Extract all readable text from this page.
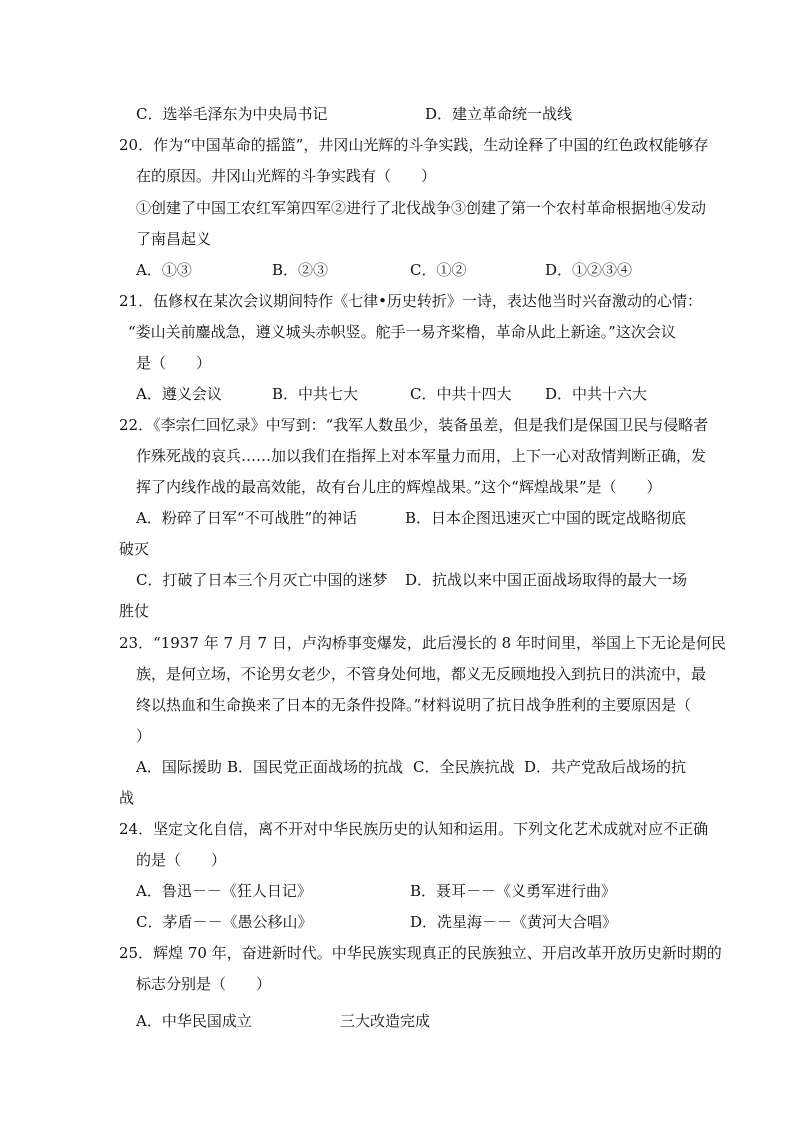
C．选举毛泽东为中央局书记	D．建立革命统一战线
20．作为“中国革命的摇篮”，井冈山光辉的斗争实践，生动诠释了中国的红色政权能够存
在的原因。井冈山光辉的斗争实践有（　　）
①创建了中国工农红军第四军②进行了北伐战争③创建了第一个农村革命根据地④发动
了南昌起义
A．①③	B．②③	C．①②	D．①②③④
21．伍修权在某次会议期间特作《七律•历史转折》一诗，表达他当时兴奋激动的心情：
“娄山关前鏖战急，遵义城头赤帜竖。舵手一易齐桨橹，革命从此上新途。”这次会议
是（　　）
A．遵义会议	B．中共七大	C．中共十四大 D．中共十六大
22．《李宗仁回忆录》中写到：“我军人数虽少，装备虽差，但是我们是保国卫民与侵略者
作殊死战的哀兵……加以我们在指挥上对本军量力而用，上下一心对敌情判断正确，发
挥了内线作战的最高效能，故有台儿庄的辉煌战果。”这个“辉煌战果”是（　　）
A．粉碎了日军“不可战胜”的神话	B．日本企图迅速灭亡中国的既定战略彻底
破灭
C．打破了日本三个月灭亡中国的迷梦 D．抗战以来中国正面战场取得的最大一场
胜仗
23．“1937 年 7 月 7 日，卢沟桥事变爆发，此后漫长的 8 年时间里，举国上下无论是何民
族，是何立场，不论男女老少，不管身处何地，都义无反顾地投入到抗日的洪流中，最
终以热血和生命换来了日本的无条件投降。”材料说明了抗日战争胜利的主要原因是（
）
A．国际援助 B．国民党正面战场的抗战 C．全民族抗战 D．共产党敌后战场的抗
战
24．坚定文化自信，离不开对中华民族历史的认知和运用。下列文化艺术成就对应不正确
的是（　　）
A．鲁迅－－《狂人日记》	B．聂耳－－《义勇军进行曲》
C．茅盾－－《愚公移山》	D．冼星海－－《黄河大合唱》
25．辉煌 70 年，奋进新时代。中华民族实现真正的民族独立、开启改革开放历史新时期的
标志分别是（　　）
A．中华民国成立	三大改造完成
